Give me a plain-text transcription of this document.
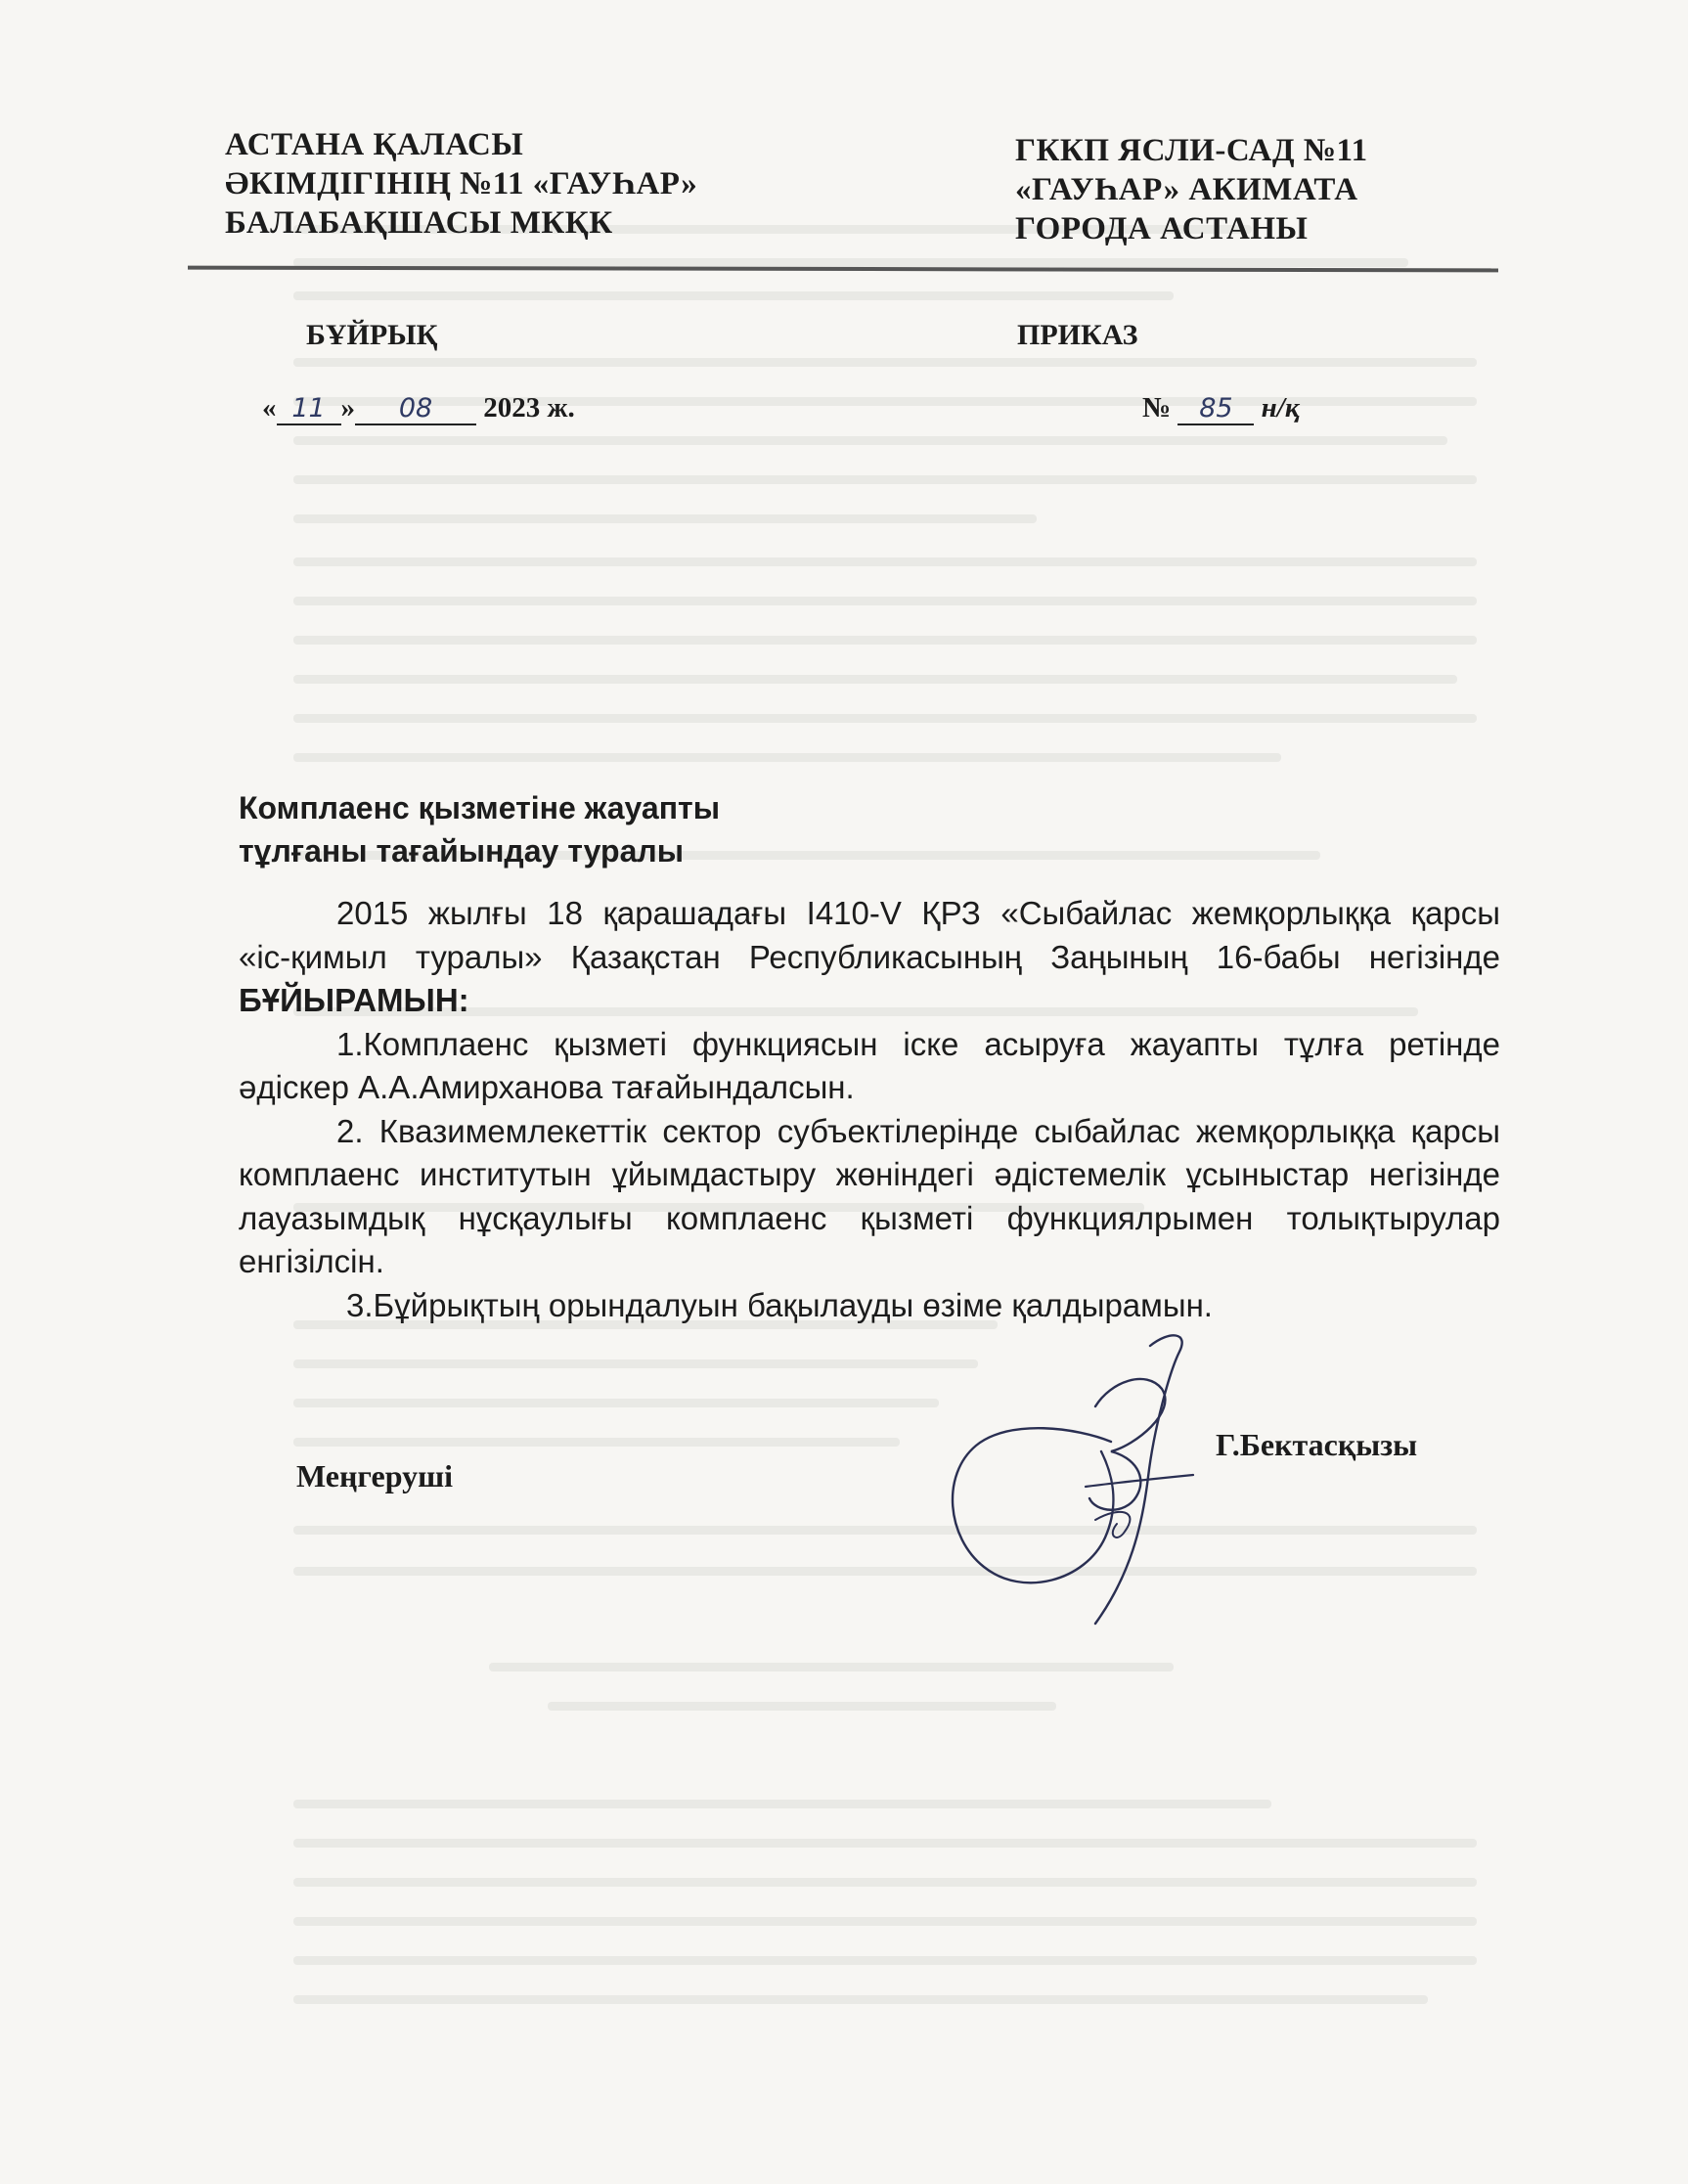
АСТАНА ҚАЛАСЫ
ӘКІМДІГІНІҢ №11 «ГАУҺАР»
БАЛАБАҚШАСЫ МКҚК
ГККП ЯСЛИ-САД №11
«ГАУҺАР» АКИМАТА
ГОРОДА АСТАНЫ
БҰЙРЫҚ	ПРИКАЗ
« 11 » 08 2023 ж.	№ 85 н/қ
Комплаенс қызметіне жауапты
тұлғаны тағайындау туралы
2015 жылғы 18 қарашадағы І410-V ҚРЗ «Сыбайлас жемқорлыққа қарсы
«іс-қимыл туралы» Қазақстан Республикасының Заңының 16-бабы негізінде
БҰЙЫРАМЫН:
1.Комплаенс қызметі функциясын іске асыруға жауапты тұлға ретінде
әдіскер А.А.Амирханова тағайындалсын.
2. Квазимемлекеттік сектор субъектілерінде сыбайлас жемқорлыққа қарсы
комплаенс институтын ұйымдастыру жөніндегі әдістемелік ұсыныстар негізінде
лауазымдық нұсқаулығы комплаенс қызметі функциялрымен толықтырулар
енгізілсін.
3.Бұйрықтың орындалуын бақылауды өзіме қалдырамын.
Меңгеруші
Г.Бектасқызы
